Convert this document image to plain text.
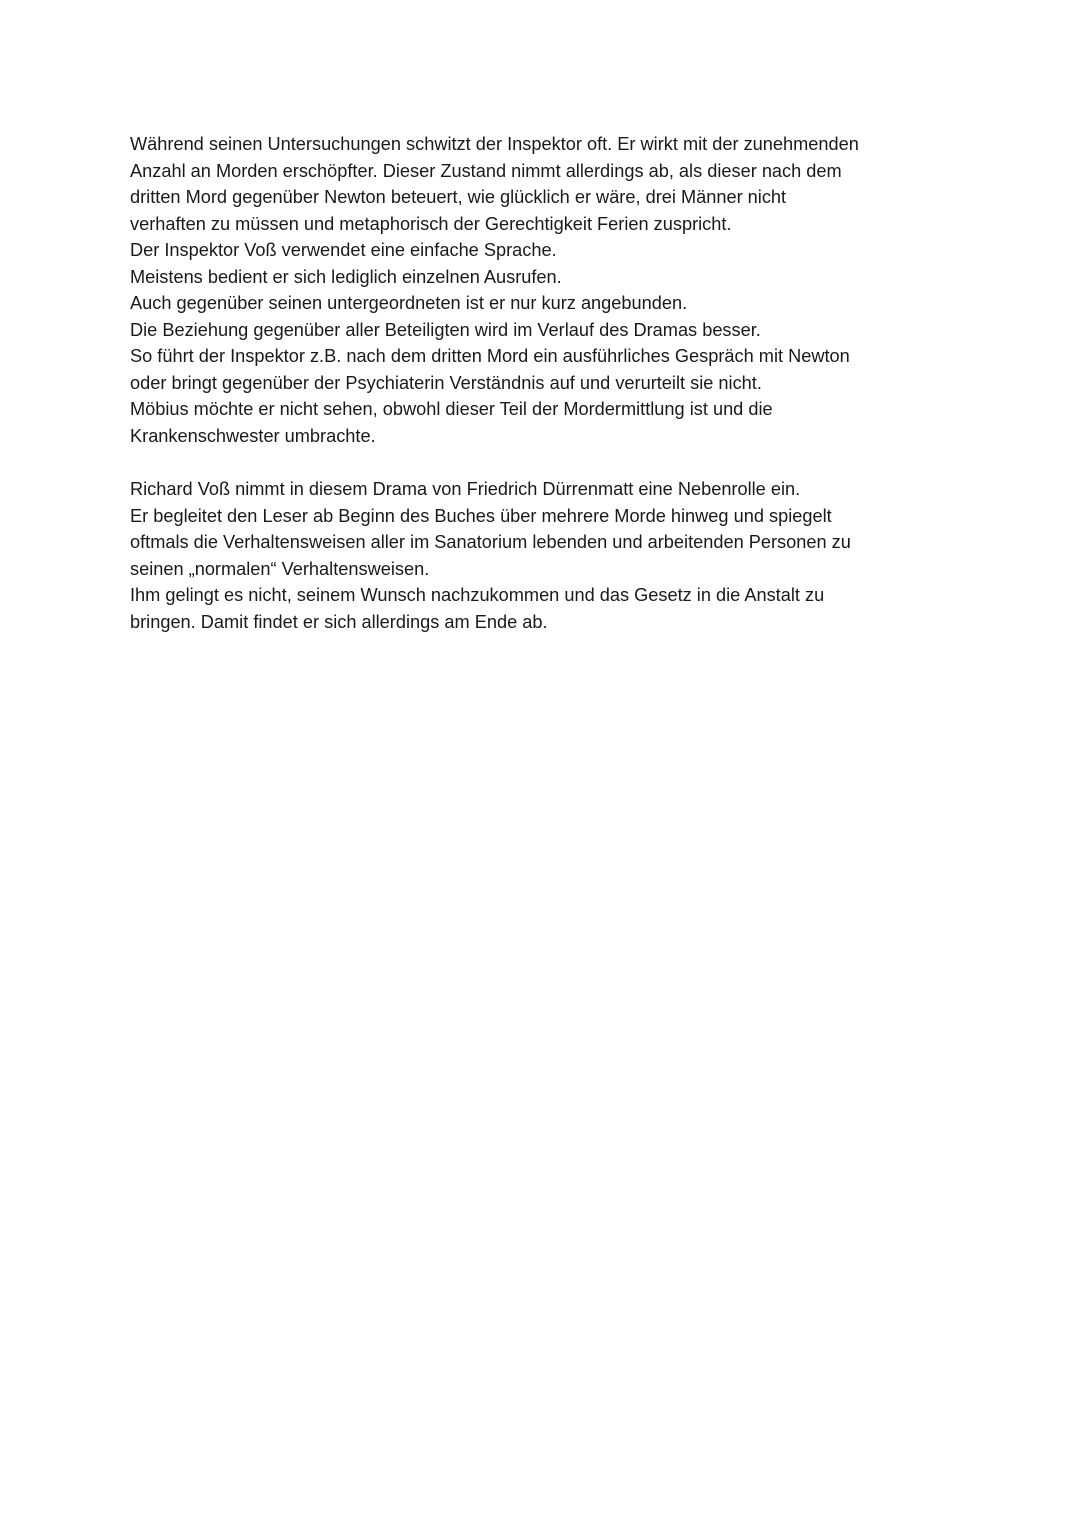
Während seinen Untersuchungen schwitzt der Inspektor oft. Er wirkt mit der zunehmenden
Anzahl an Morden erschöpfter. Dieser Zustand nimmt allerdings ab, als dieser nach dem
dritten Mord gegenüber Newton beteuert, wie glücklich er wäre, drei Männer nicht
verhaften zu müssen und metaphorisch der Gerechtigkeit Ferien zuspricht.
Der Inspektor Voß verwendet eine einfache Sprache.
Meistens bedient er sich lediglich einzelnen Ausrufen.
Auch gegenüber seinen untergeordneten ist er nur kurz angebunden.
Die Beziehung gegenüber aller Beteiligten wird im Verlauf des Dramas besser.
So führt der Inspektor z.B. nach dem dritten Mord ein ausführliches Gespräch mit Newton
oder bringt gegenüber der Psychiaterin Verständnis auf und verurteilt sie nicht.
Möbius möchte er nicht sehen, obwohl dieser Teil der Mordermittlung ist und die
Krankenschwester umbrachte.
Richard Voß nimmt in diesem Drama von Friedrich Dürrenmatt eine Nebenrolle ein.
Er begleitet den Leser ab Beginn des Buches über mehrere Morde hinweg und spiegelt
oftmals die Verhaltensweisen aller im Sanatorium lebenden und arbeitenden Personen zu
seinen „normalen“ Verhaltensweisen.
Ihm gelingt es nicht, seinem Wunsch nachzukommen und das Gesetz in die Anstalt zu
bringen. Damit findet er sich allerdings am Ende ab.
